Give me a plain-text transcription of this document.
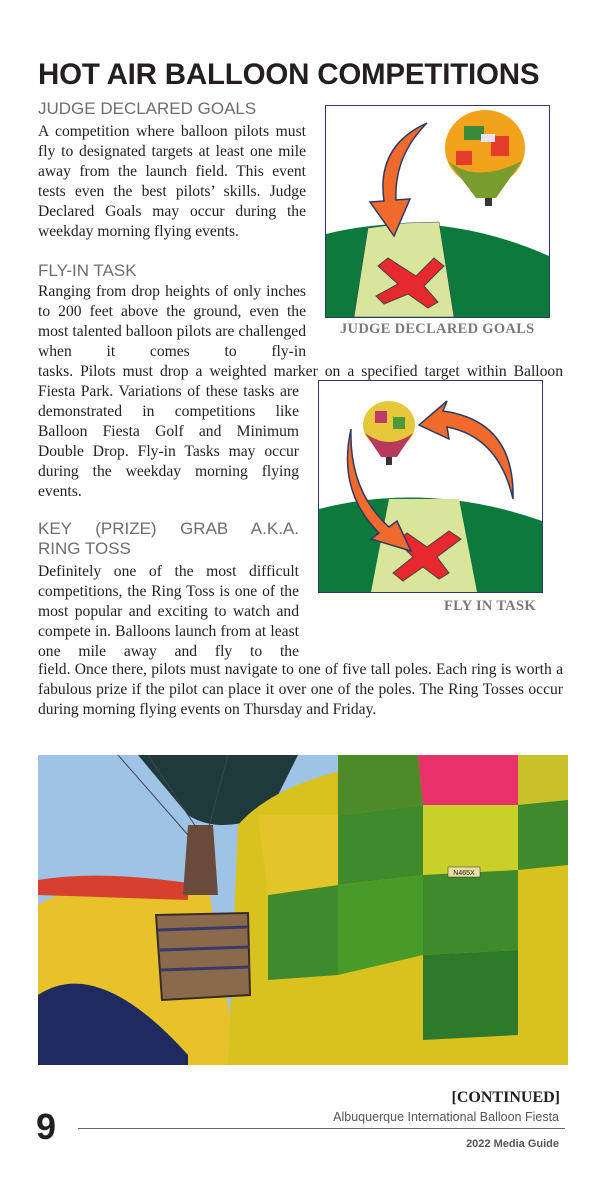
HOT AIR BALLOON COMPETITIONS
JUDGE DECLARED GOALS
A competition where balloon pilots must fly to designated targets at least one mile away from the launch field. This event tests even the best pilots’ skills. Judge Declared Goals may occur during the weekday morning flying events.
FLY-IN TASK
Ranging from drop heights of only inches to 200 feet above the ground, even the most talented balloon pilots are challenged when it comes to fly-in
tasks. Pilots must drop a weighted marker on a specified target within Balloon
Fiesta Park. Variations of these tasks are demonstrated in competitions like Balloon Fiesta Golf and Minimum Double Drop. Fly-in Tasks may occur during the weekday morning flying events.
KEY (PRIZE) GRAB A.K.A.
RING TOSS
Definitely one of the most difficult competitions, the Ring Toss is one of the most popular and exciting to watch and compete in. Balloons launch from at least one mile away and fly to the
field. Once there, pilots must navigate to one of five tall poles. Each ring is worth a fabulous prize if the pilot can place it over one of the poles. The Ring Tosses occur during morning flying events on Thursday and Friday.
JUDGE DECLARED GOALS
FLY IN TASK
N465X
[CONTINUED]
Albuquerque International Balloon Fiesta
9	2022 Media Guide
